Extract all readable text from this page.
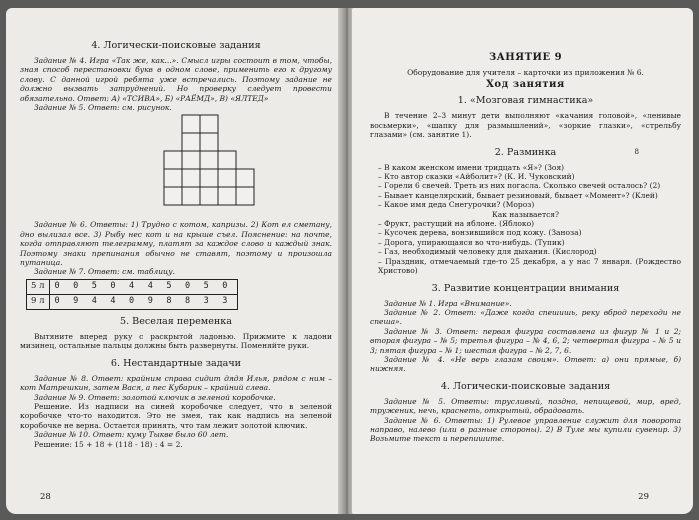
4. Логически-поисковые задания

Задание № 4. Игра «Так же, как...». Смысл игры состоит в том, чтобы, зная способ перестановки букв в одном слове, применить его к другому слову. С данной игрой ребята уже встречались. Поэтому задание не должно вызвать затруднений. Но проверку следует провести обязательно. Ответ: А) «ТСИВА», Б) «РАЁМД», В) «ЯЛТЕД»

Задание № 5. Ответ: см. рисунок.

Задание № 6. Ответы: 1) Трудно с котом, капризы. 2) Кот ел сметану, дно вылизал все. 3) Рыбу нес кот и на крыше съел. Пояснение: на почте, когда отправляют телеграмму, платят за каждое слово и каждый знак. Поэтому знаки препинания обычно не ставят, поэтому и произошла путаница.

Задание № 7. Ответ: см. таблицу.

5 л	0 0 5 0 4 4 5 0 5 0
9 л	0 9 4 4 0 9 8 8 3 3
5. Веселая переменка

Вытяните вперед руку с раскрытой ладонью. Прижмите к ладони мизинец, остальные пальцы должны быть развернуты. Поменяйте руки.

6. Нестандартные задачи

Задание № 8. Ответ: крайним справа сидит дядя Илья, рядом с ним – кот Матрешкин, затем Вася, а пес Кубарик – крайний слева.

Задание № 9. Ответ: золотой ключик в зеленой коробочке.

Решение. Из надписи на синей коробочке следует, что в зеленой коробочке что-то находится. Это не змея, так как надпись на зеленой коробочке не верна. Остается принять, что там лежит золотой ключик.

Задание № 10. Ответ: куму Тыкве было 60 лет.

Решение: 15 + 18 + (118 - 18) : 4 = 2.

28
ЗАНЯТИЕ 9

Оборудование для учителя – карточки из приложения № 6.

Ход занятия
1. «Мозговая гимнастика»

В течение 2–3 минут дети выполняют «качания головой», «ленивые восьмерки», «шапку для размышлений», «зоркие глазки», «стрельбу глазами» (см. занятие 1).

2. Разминка

– В каком женском имени тридцать «Я»? (Зоя)

– Кто автор сказки «Айболит»? (К. И. Чуковский)

– Горели 6 свечей. Треть из них погасла. Сколько свечей осталось? (2)

– Бывает канцелярский, бывает резиновый, бывает «Момент»? (Клей)

– Какое имя деда Снегурочки? (Мороз)

Как называется?

– Фрукт, растущий на яблоне. (Яблоко)

– Кусочек дерева, вонзившийся под кожу. (Заноза)

– Дорога, упирающаяся во что-нибудь. (Тупик)

– Газ, необходимый человеку для дыхания. (Кислород)

– Праздник, отмечаемый где-то 25 декабря, а у нас 7 января. (Рождество Христово)

3. Развитие концентрации внимания

Задание № 1. Игра «Внимание».

Задание № 2. Ответ: «Даже когда спешишь, реку вброд переходи не спеша».

Задание № 3. Ответ: первая фигура составлена из фигур № 1 и 2; вторая фигура – № 5; третья фигура – № 4, 6, 2; четвертая фигура – № 5 и 3; пятая фигура – № 1; шестая фигура – № 2, 7, 6.

Задание № 4. «Не верь глазам своим». Ответ: а) они прямые, б) нижняя.

4. Логически-поисковые задания

Задание № 5. Ответы: трусливый, поздно, непищевой, мир, вред, труженик, нечь, краснеть, открытый, обрадовать.

Задание № 6. Ответы: 1) Рулевое управление служит для поворота направо, налево (или в разные стороны). 2) В Туле мы купили сувенир. 3) Возьмите текст и перепишите.

8
29
